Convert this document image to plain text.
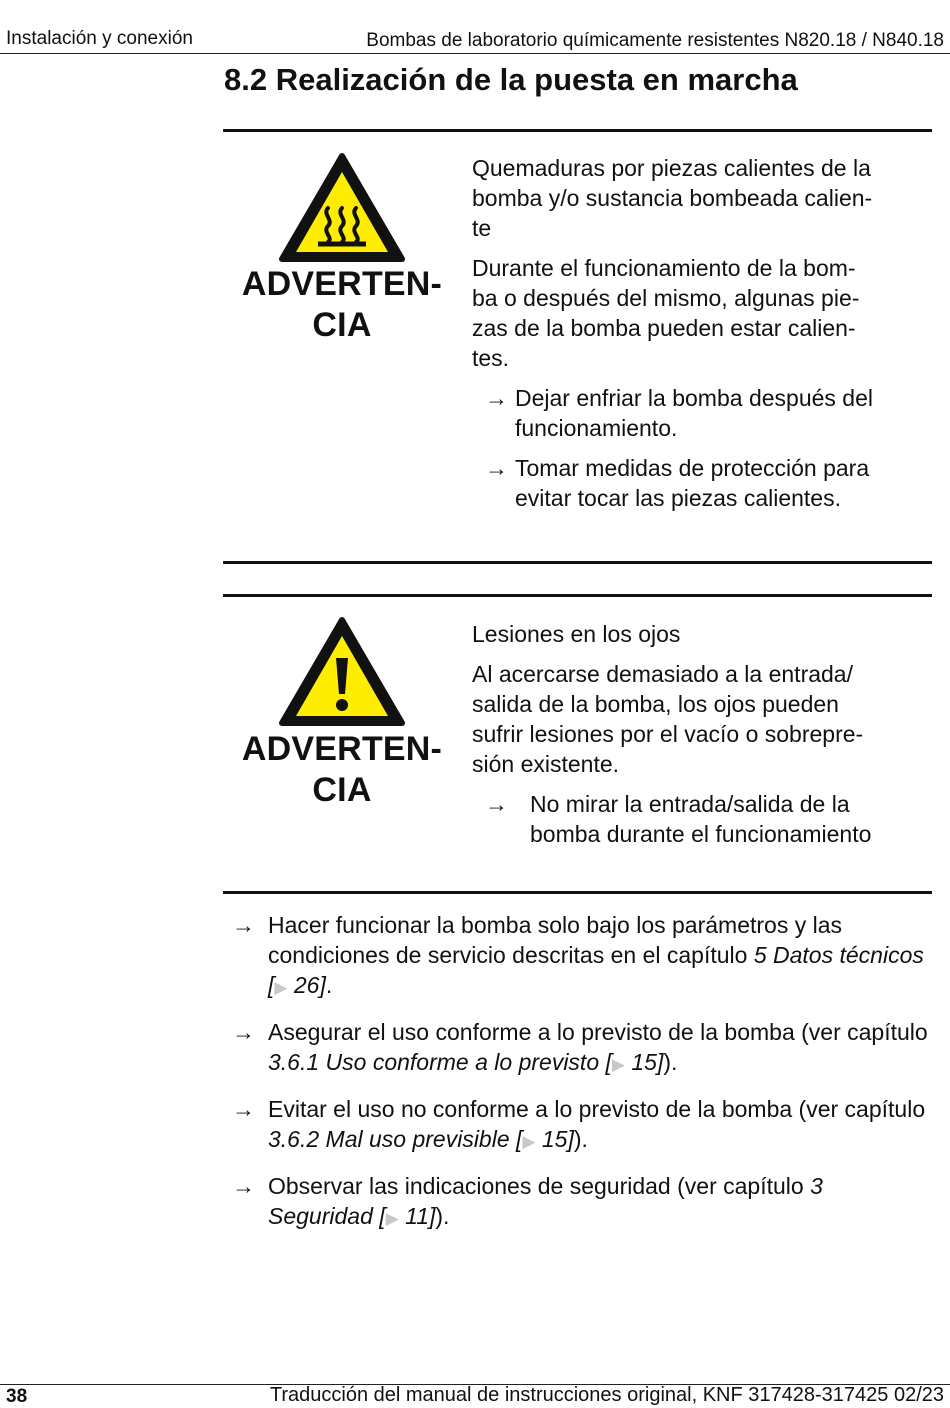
Instalación y conexión	Bombas de laboratorio químicamente resistentes N820.18 / N840.18
8.2 Realización de la puesta en marcha
ADVERTEN-
CIA
Quemaduras por piezas calientes de la
bomba y/o sustancia bombeada calien-
te
Durante el funcionamiento de la bom-
ba o después del mismo, algunas pie-
zas de la bomba pueden estar calien-
tes.
→ Dejar enfriar la bomba después del
funcionamiento.
→ Tomar medidas de protección para
evitar tocar las piezas calientes.
ADVERTEN-
CIA
Lesiones en los ojos
Al acercarse demasiado a la entrada/
salida de la bomba, los ojos pueden
sufrir lesiones por el vacío o sobrepre-
sión existente.
→ No mirar la entrada/salida de la
bomba durante el funcionamiento
→ Hacer funcionar la bomba solo bajo los parámetros y las condiciones de servicio descritas en el capítulo 5 Datos técnicos [▶ 26].
→ Asegurar el uso conforme a lo previsto de la bomba (ver capítulo 3.6.1 Uso conforme a lo previsto [▶ 15]).
→ Evitar el uso no conforme a lo previsto de la bomba (ver capítulo 3.6.2 Mal uso previsible [▶ 15]).
→ Observar las indicaciones de seguridad (ver capítulo 3 Seguridad [▶ 11]).
38	Traducción del manual de instrucciones original, KNF 317428-317425 02/23
